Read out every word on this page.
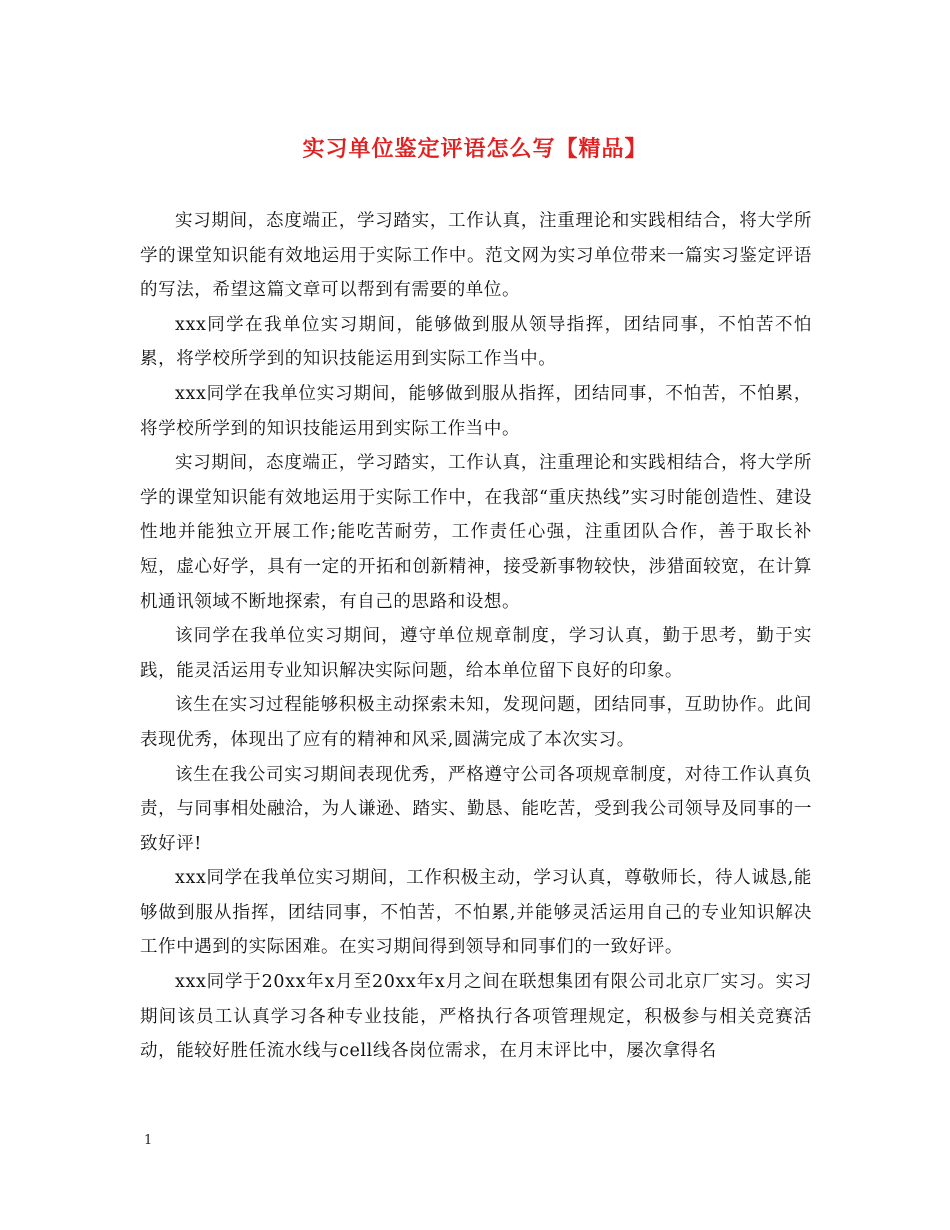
实习单位鉴定评语怎么写【精品】

实习期间，态度端正，学习踏实，工作认真，注重理论和实践相结合，将大学所学的课堂知识能有效地运用于实际工作中。范文网为实习单位带来一篇实习鉴定评语的写法，希望这篇文章可以帮到有需要的单位。

xxx同学在我单位实习期间，能够做到服从领导指挥，团结同事，不怕苦不怕累，将学校所学到的知识技能运用到实际工作当中。

xxx同学在我单位实习期间，能够做到服从指挥，团结同事，不怕苦，不怕累，将学校所学到的知识技能运用到实际工作当中。

实习期间，态度端正，学习踏实，工作认真，注重理论和实践相结合，将大学所学的课堂知识能有效地运用于实际工作中，在我部“重庆热线”实习时能创造性、建设性地并能独立开展工作;能吃苦耐劳，工作责任心强，注重团队合作，善于取长补短，虚心好学，具有一定的开拓和创新精神，接受新事物较快，涉猎面较宽，在计算机通讯领域不断地探索，有自己的思路和设想。

该同学在我单位实习期间，遵守单位规章制度，学习认真，勤于思考，勤于实践，能灵活运用专业知识解决实际问题，给本单位留下良好的印象。

该生在实习过程能够积极主动探索未知，发现问题，团结同事，互助协作。此间表现优秀，体现出了应有的精神和风采,圆满完成了本次实习。

该生在我公司实习期间表现优秀，严格遵守公司各项规章制度，对待工作认真负责，与同事相处融洽，为人谦逊、踏实、勤恳、能吃苦，受到我公司领导及同事的一致好评!

xxx同学在我单位实习期间，工作积极主动，学习认真，尊敬师长，待人诚恳,能够做到服从指挥，团结同事，不怕苦，不怕累,并能够灵活运用自己的专业知识解决工作中遇到的实际困难。在实习期间得到领导和同事们的一致好评。

xxx同学于20xx年x月至20xx年x月之间在联想集团有限公司北京厂实习。实习期间该员工认真学习各种专业技能，严格执行各项管理规定，积极参与相关竞赛活动，能较好胜任流水线与cell线各岗位需求，在月末评比中，屡次拿得名

1
